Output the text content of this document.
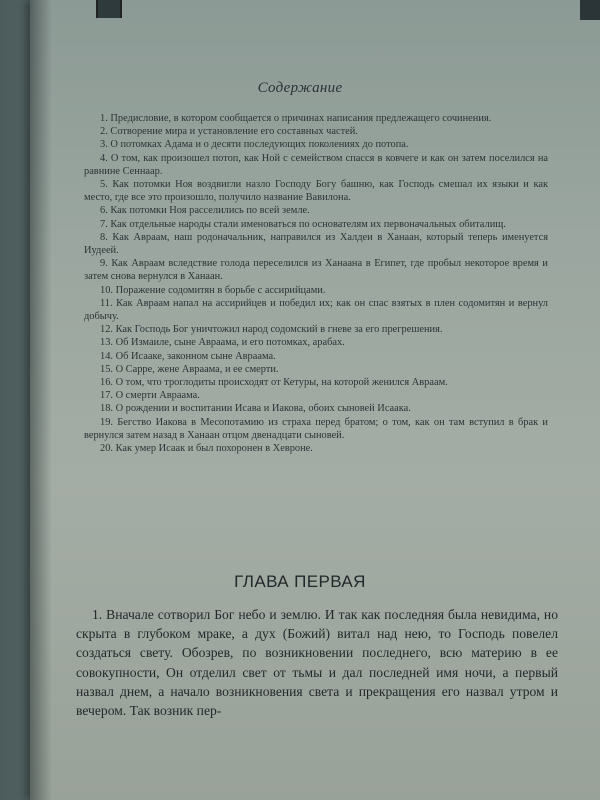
Содержание

1. Предисловие, в котором сообщается о причинах написания предлежащего сочинения.

2. Сотворение мира и установление его составных частей.

3. О потомках Адама и о десяти последующих поколениях до потопа.

4. О том, как произошел потоп, как Ной с семейством спасся в ковчеге и как он затем поселился на равнине Сеннаар.

5. Как потомки Ноя воздвигли назло Господу Богу башню, как Господь смешал их языки и как место, где все это произошло, получило название Вавилона.

6. Как потомки Ноя расселились по всей земле.

7. Как отдельные народы стали именоваться по основателям их первоначальных обиталищ.

8. Как Авраам, наш родоначальник, направился из Халдеи в Ханаан, который теперь именуется Иудеей.

9. Как Авраам вследствие голода переселился из Ханаана в Египет, где пробыл некоторое время и затем снова вернулся в Ханаан.

10. Поражение содомитян в борьбе с ассирийцами.

11. Как Авраам напал на ассирийцев и победил их; как он спас взятых в плен содомитян и вернул добычу.

12. Как Господь Бог уничтожил народ содомский в гневе за его прегрешения.

13. Об Измаиле, сыне Авраама, и его потомках, арабах.

14. Об Исааке, законном сыне Авраама.

15. О Сарре, жене Авраама, и ее смерти.

16. О том, что троглодиты происходят от Кетуры, на которой женился Авраам.

17. О смерти Авраама.

18. О рождении и воспитании Исава и Иакова, обоих сыновей Исаака.

19. Бегство Иакова в Месопотамию из страха перед братом; о том, как он там вступил в брак и вернулся затем назад в Ханаан отцом двенадцати сыновей.

20. Как умер Исаак и был похоронен в Хевроне.

ГЛАВА ПЕРВАЯ

1. Вначале сотворил Бог небо и землю. И так как последняя была невидима, но скрыта в глубоком мраке, а дух (Божий) витал над нею, то Господь повелел создаться свету. Обозрев, по возникновении последнего, всю материю в ее совокупности, Он отделил свет от тьмы и дал последней имя ночи, а первый назвал днем, а начало возникновения света и прекращения его назвал утром и вечером. Так возник пер-
